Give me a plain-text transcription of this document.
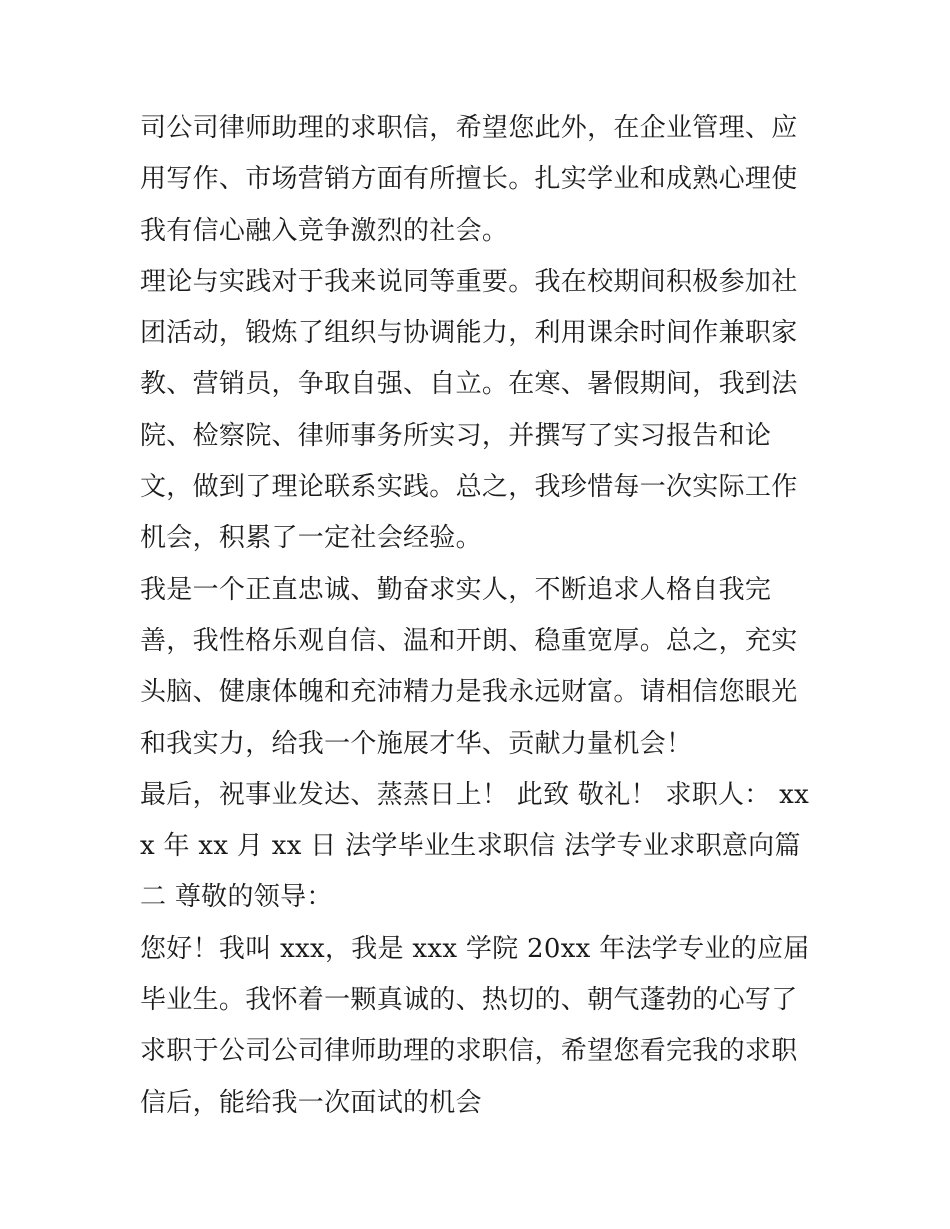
司公司律师助理的求职信，希望您此外，在企业管理、应用写作、市场营销方面有所擅长。扎实学业和成熟心理使我有信心融入竞争激烈的社会。

理论与实践对于我来说同等重要。我在校期间积极参加社团活动，锻炼了组织与协调能力，利用课余时间作兼职家教、营销员，争取自强、自立。在寒、暑假期间，我到法院、检察院、律师事务所实习，并撰写了实习报告和论文，做到了理论联系实践。总之，我珍惜每一次实际工作机会，积累了一定社会经验。

我是一个正直忠诚、勤奋求实人，不断追求人格自我完善，我性格乐观自信、温和开朗、稳重宽厚。总之，充实头脑、健康体魄和充沛精力是我永远财富。请相信您眼光和我实力，给我一个施展才华、贡献力量机会！

最后，祝事业发达、蒸蒸日上！ 此致 敬礼！ 求职人： xxx 年 xx 月 xx 日 法学毕业生求职信 法学专业求职意向篇二 尊敬的领导：

您好！我叫 xxx，我是 xxx 学院 20xx 年法学专业的应届毕业生。我怀着一颗真诚的、热切的、朝气蓬勃的心写了求职于公司公司律师助理的求职信，希望您看完我的求职信后，能给我一次面试的机会
